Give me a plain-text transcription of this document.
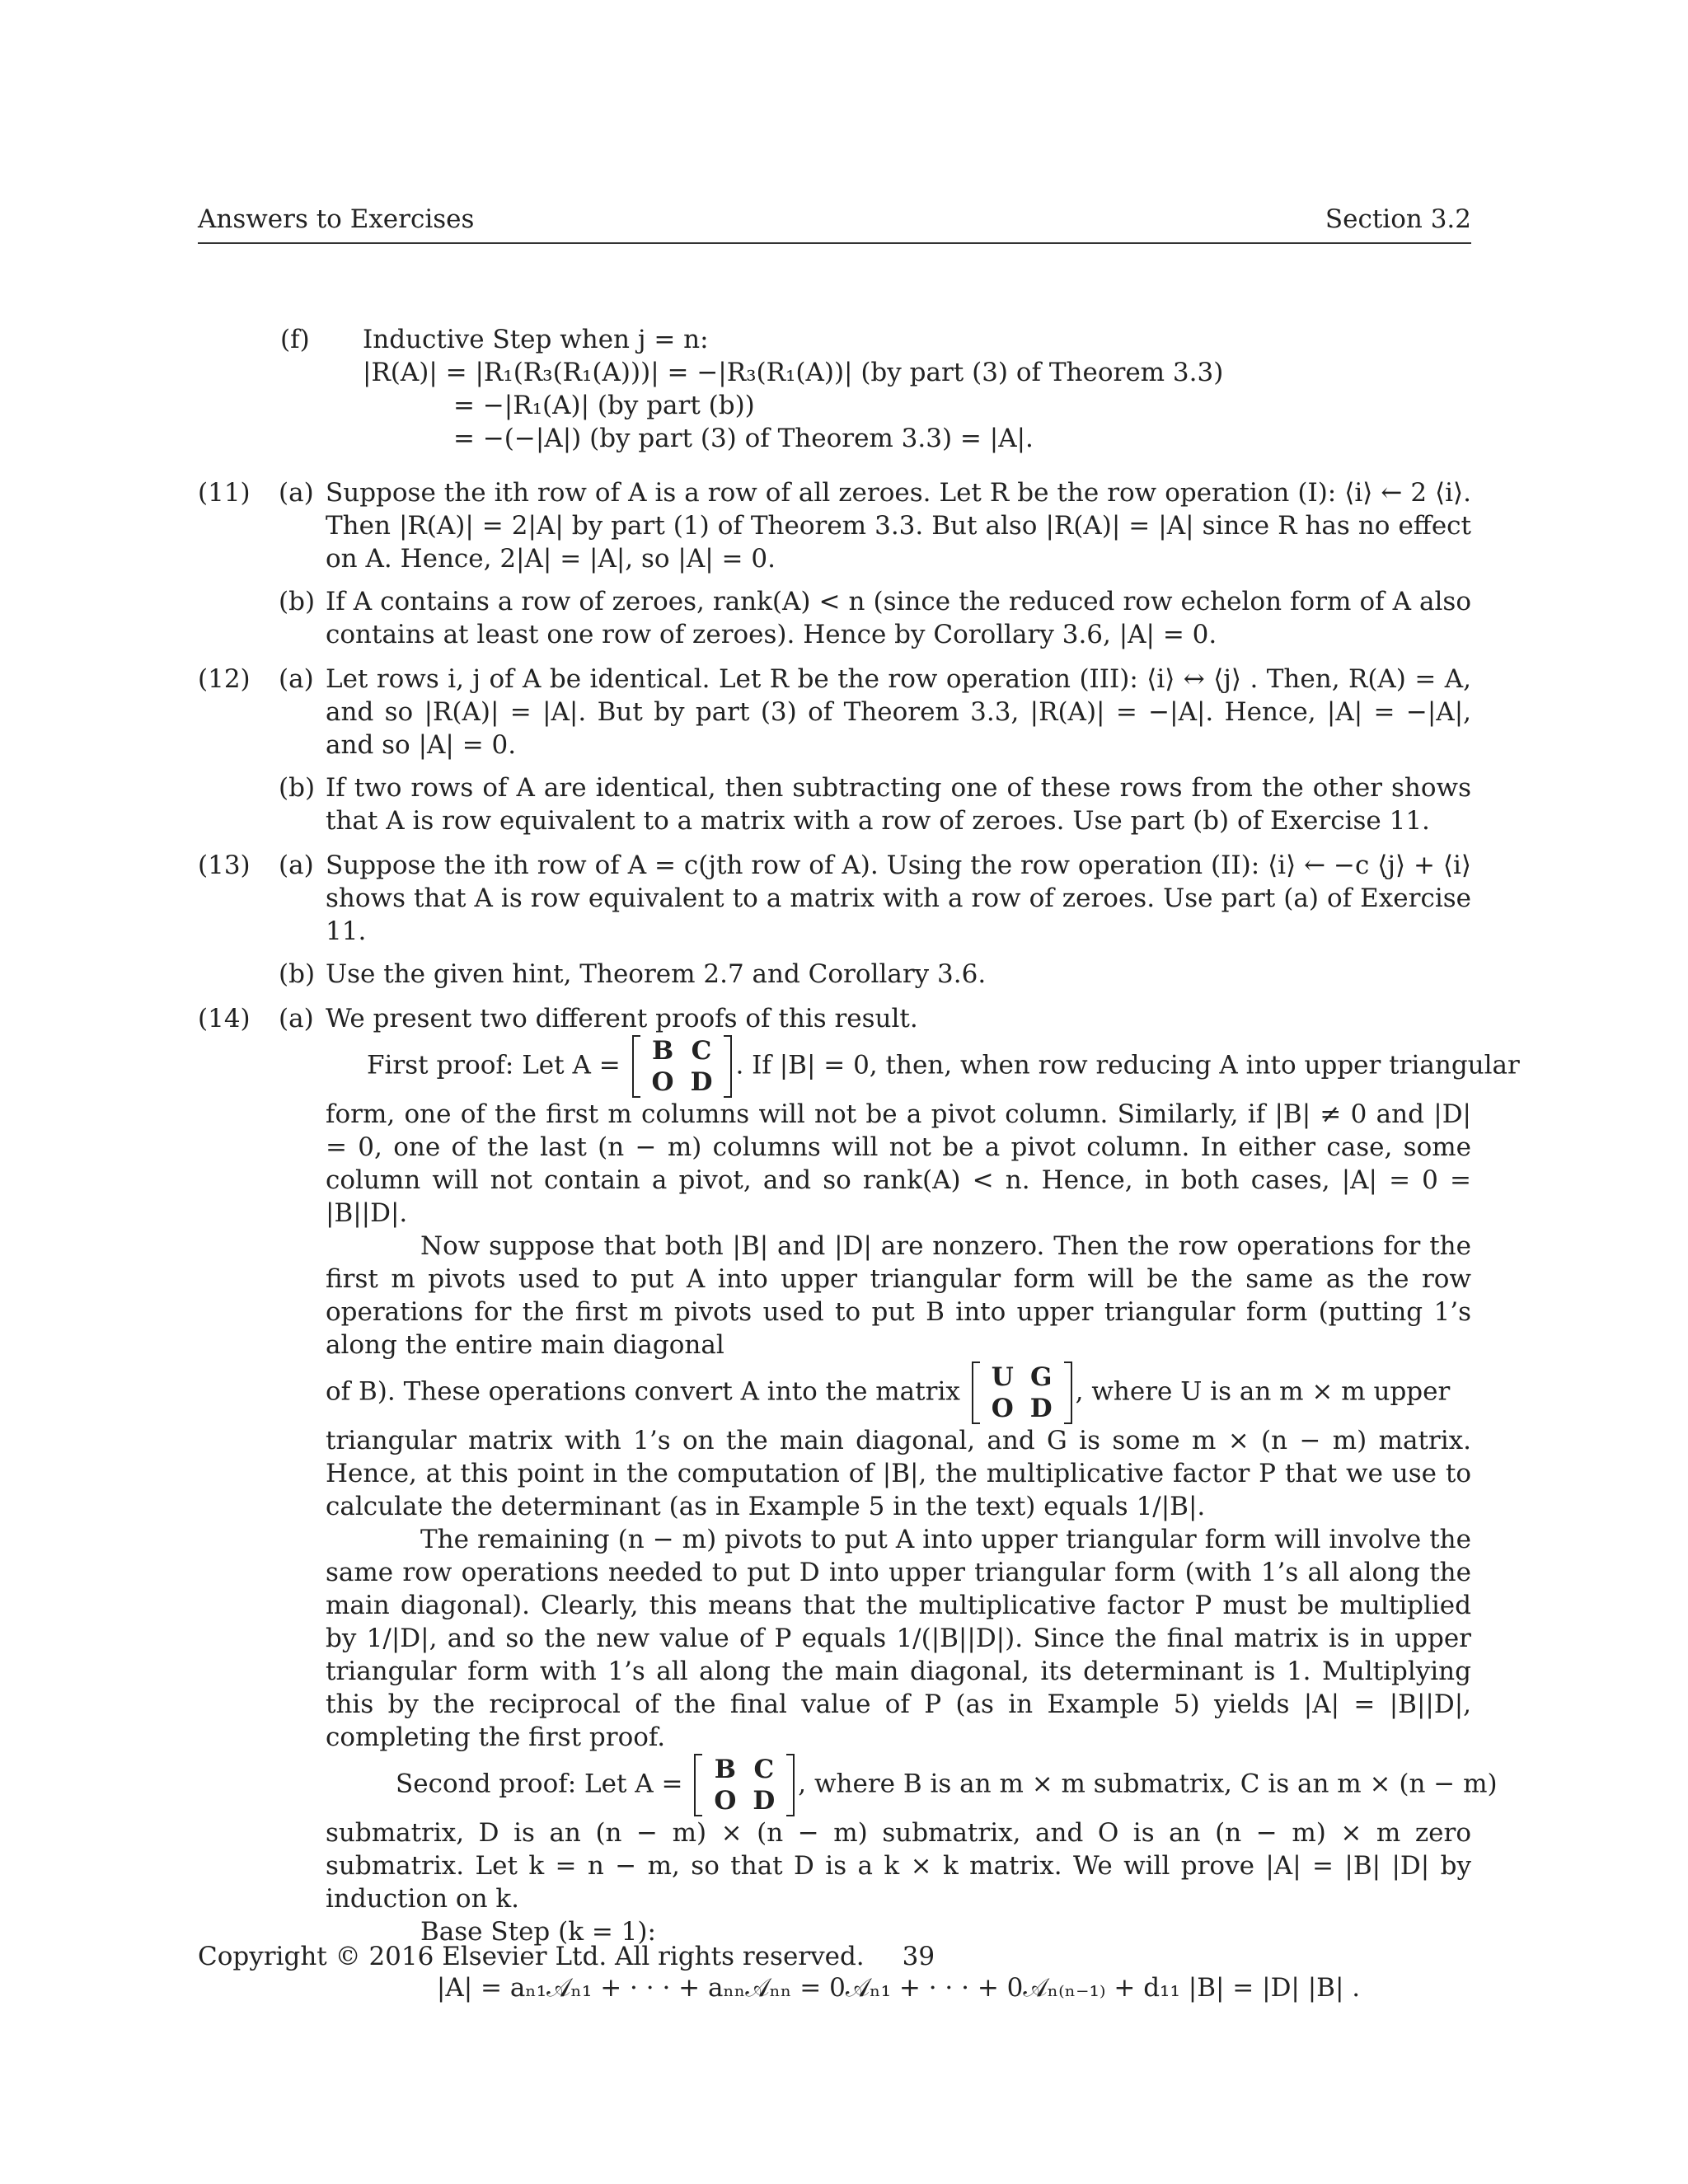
Answers to Exercises	Section 3.2
(f) Inductive Step when j = n:
|R(A)| = |R₁(R₃(R₁(A)))| = −|R₃(R₁(A))| (by part (3) of Theorem 3.3)
= −|R₁(A)| (by part (b))
= −(−|A|) (by part (3) of Theorem 3.3) = |A|.
(11) (a) Suppose the ith row of A is a row of all zeroes. Let R be the row operation (I): ⟨i⟩ ← 2 ⟨i⟩. Then |R(A)| = 2|A| by part (1) of Theorem 3.3. But also |R(A)| = |A| since R has no effect on A. Hence, 2|A| = |A|, so |A| = 0.
(b) If A contains a row of zeroes, rank(A) < n (since the reduced row echelon form of A also contains at least one row of zeroes). Hence by Corollary 3.6, |A| = 0.
(12) (a) Let rows i, j of A be identical. Let R be the row operation (III): ⟨i⟩ ↔ ⟨j⟩ . Then, R(A) = A, and so |R(A)| = |A|. But by part (3) of Theorem 3.3, |R(A)| = −|A|. Hence, |A| = −|A|, and so |A| = 0.
(b) If two rows of A are identical, then subtracting one of these rows from the other shows that A is row equivalent to a matrix with a row of zeroes. Use part (b) of Exercise 11.
(13) (a) Suppose the ith row of A = c(jth row of A). Using the row operation (II): ⟨i⟩ ← −c ⟨j⟩ + ⟨i⟩ shows that A is row equivalent to a matrix with a row of zeroes. Use part (a) of Exercise 11.
(b) Use the given hint, Theorem 2.7 and Corollary 3.6.
(14) (a) We present two different proofs of this result.
First proof: Let A = B	C
O	D
. If |B| = 0, then, when row reducing A into upper triangular
form, one of the first m columns will not be a pivot column. Similarly, if |B| ≠ 0 and |D| = 0, one of the last (n − m) columns will not be a pivot column. In either case, some column will not contain a pivot, and so rank(A) < n. Hence, in both cases, |A| = 0 = |B||D|.
Now suppose that both |B| and |D| are nonzero. Then the row operations for the first m pivots used to put A into upper triangular form will be the same as the row operations for the first m pivots used to put B into upper triangular form (putting 1’s along the entire main diagonal
of B). These operations convert A into the matrix U	G
O	D
, where U is an m × m upper
triangular matrix with 1’s on the main diagonal, and G is some m × (n − m) matrix. Hence, at this point in the computation of |B|, the multiplicative factor P that we use to calculate the determinant (as in Example 5 in the text) equals 1/|B|.
The remaining (n − m) pivots to put A into upper triangular form will involve the same row operations needed to put D into upper triangular form (with 1’s all along the main diagonal). Clearly, this means that the multiplicative factor P must be multiplied by 1/|D|, and so the new value of P equals 1/(|B||D|). Since the final matrix is in upper triangular form with 1’s all along the main diagonal, its determinant is 1. Multiplying this by the reciprocal of the final value of P (as in Example 5) yields |A| = |B||D|, completing the first proof.
Second proof: Let A = B	C
O	D
, where B is an m × m submatrix, C is an m × (n − m)
submatrix, D is an (n − m) × (n − m) submatrix, and O is an (n − m) × m zero submatrix. Let k = n − m, so that D is a k × k matrix. We will prove |A| = |B| |D| by induction on k.
Base Step (k = 1):
|A| = aₙ₁𝒜ₙ₁ + · · · + aₙₙ𝒜ₙₙ = 0𝒜ₙ₁ + · · · + 0𝒜ₙ₍ₙ₋₁₎ + d₁₁ |B| = |D| |B| .
Copyright © 2016 Elsevier Ltd. All rights reserved. 39
